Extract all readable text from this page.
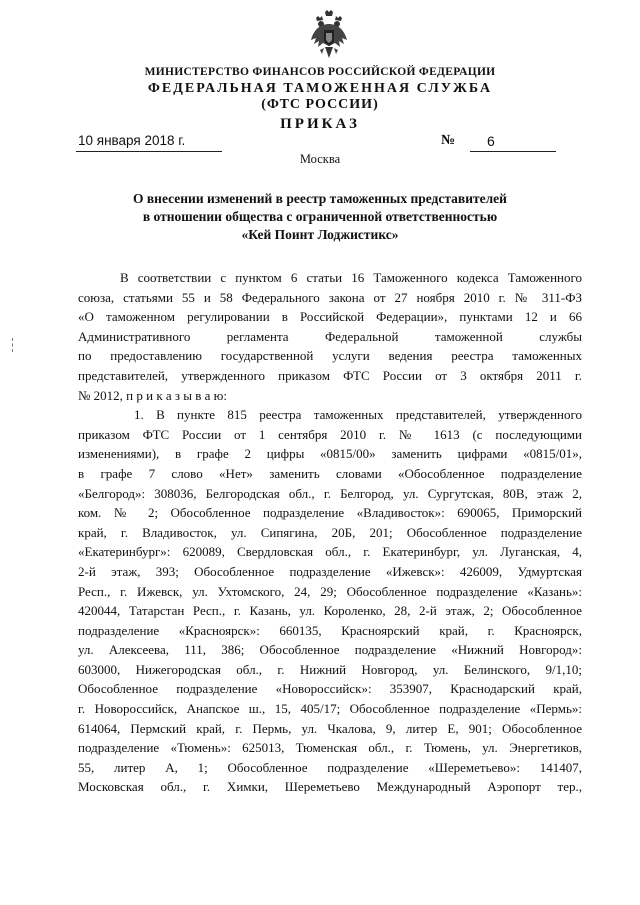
МИНИСТЕРСТВО ФИНАНСОВ РОССИЙСКОЙ ФЕДЕРАЦИИ
ФЕДЕРАЛЬНАЯ ТАМОЖЕННАЯ СЛУЖБА
(ФТС РОССИИ)
ПРИКАЗ
10 января 2018 г.	№ 6
Москва
О внесении изменений в реестр таможенных представителей
в отношении общества с ограниченной ответственностью
«Кей Поинт Лоджистикс»
В соответствии с пунктом 6 статьи 16 Таможенного кодекса Таможенного
союза, статьями 55 и 58 Федерального закона от 27 ноября 2010 г. № 311-ФЗ
«О таможенном регулировании в Российской Федерации», пунктами 12 и 66
Административного регламента Федеральной таможенной службы
по предоставлению государственной услуги ведения реестра таможенных
представителей, утвержденного приказом ФТС России от 3 октября 2011 г.
№ 2012, п р и к а з ы в а ю:
1. В пункте 815 реестра таможенных представителей, утвержденного
приказом ФТС России от 1 сентября 2010 г. № 1613 (с последующими
изменениями), в графе 2 цифры «0815/00» заменить цифрами «0815/01»,
в графе 7 слово «Нет» заменить словами «Обособленное подразделение
«Белгород»: 308036, Белгородская обл., г. Белгород, ул. Сургутская, 80В, этаж 2,
ком. № 2; Обособленное подразделение «Владивосток»: 690065, Приморский
край, г. Владивосток, ул. Сипягина, 20Б, 201; Обособленное подразделение
«Екатеринбург»: 620089, Свердловская обл., г. Екатеринбург, ул. Луганская, 4,
2-й этаж, 393; Обособленное подразделение «Ижевск»: 426009, Удмуртская
Респ., г. Ижевск, ул. Ухтомского, 24, 29; Обособленное подразделение «Казань»:
420044, Татарстан Респ., г. Казань, ул. Короленко, 28, 2-й этаж, 2; Обособленное
подразделение «Красноярск»: 660135, Красноярский край, г. Красноярск,
ул. Алексеева, 111, 386; Обособленное подразделение «Нижний Новгород»:
603000, Нижегородская обл., г. Нижний Новгород, ул. Белинского, 9/1,10;
Обособленное подразделение «Новороссийск»: 353907, Краснодарский край,
г. Новороссийск, Анапское ш., 15, 405/17; Обособленное подразделение «Пермь»:
614064, Пермский край, г. Пермь, ул. Чкалова, 9, литер Е, 901; Обособленное
подразделение «Тюмень»: 625013, Тюменская обл., г. Тюмень, ул. Энергетиков,
55, литер А, 1; Обособленное подразделение «Шереметьево»: 141407,
Московская обл., г. Химки, Шереметьево Международный Аэропорт тер.,
